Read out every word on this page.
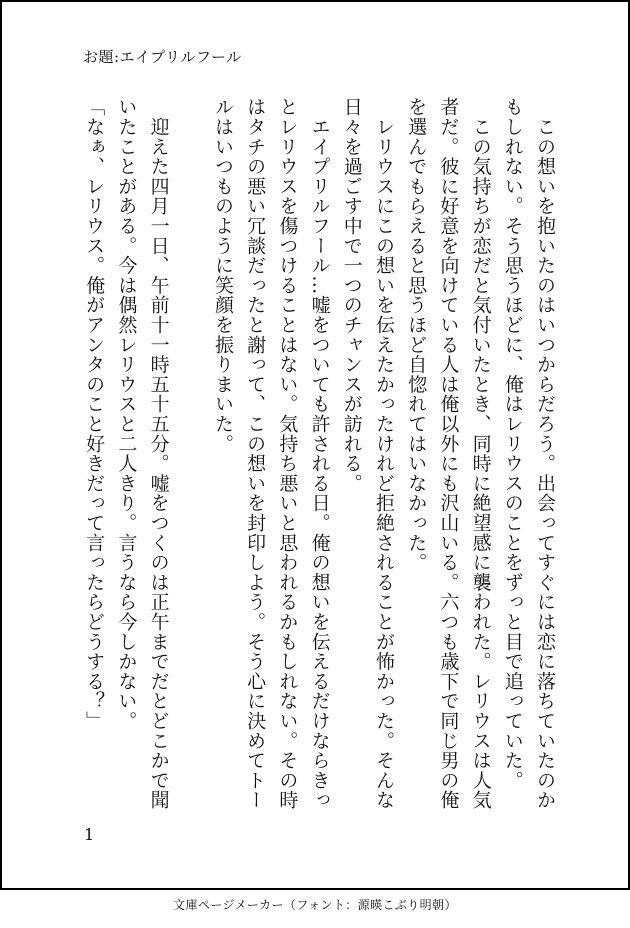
お題:エイプリルフール
　この想いを抱いたのはいつからだろう。出会ってすぐには恋に落ちていたのか
もしれない。そう思うほどに、俺はレリウスのことをずっと目で追っていた。
　この気持ちが恋だと気付いたとき、同時に絶望感に襲われた。レリウスは人気
者だ。彼に好意を向けている人は俺以外にも沢山いる。六つも歳下で同じ男の俺
を選んでもらえると思うほど自惚れてはいなかった。
　レリウスにこの想いを伝えたかったけれど拒絶されることが怖かった。そんな
日々を過ごす中で一つのチャンスが訪れる。
　エイプリルフール…嘘をついても許される日。俺の想いを伝えるだけならきっ
とレリウスを傷つけることはない。気持ち悪いと思われるかもしれない。その時
はタチの悪い冗談だったと謝って、この想いを封印しよう。そう心に決めてトー
ルはいつものように笑顔を振りまいた。

　迎えた四月一日、午前十一時五十五分。嘘をつくのは正午までだとどこかで聞
いたことがある。今は偶然レリウスと二人きり。言うなら今しかない。
「なぁ、レリウス。俺がアンタのこと好きだって言ったらどうする？」
1
文庫ページメーカー（フォント：源暎こぶり明朝）
